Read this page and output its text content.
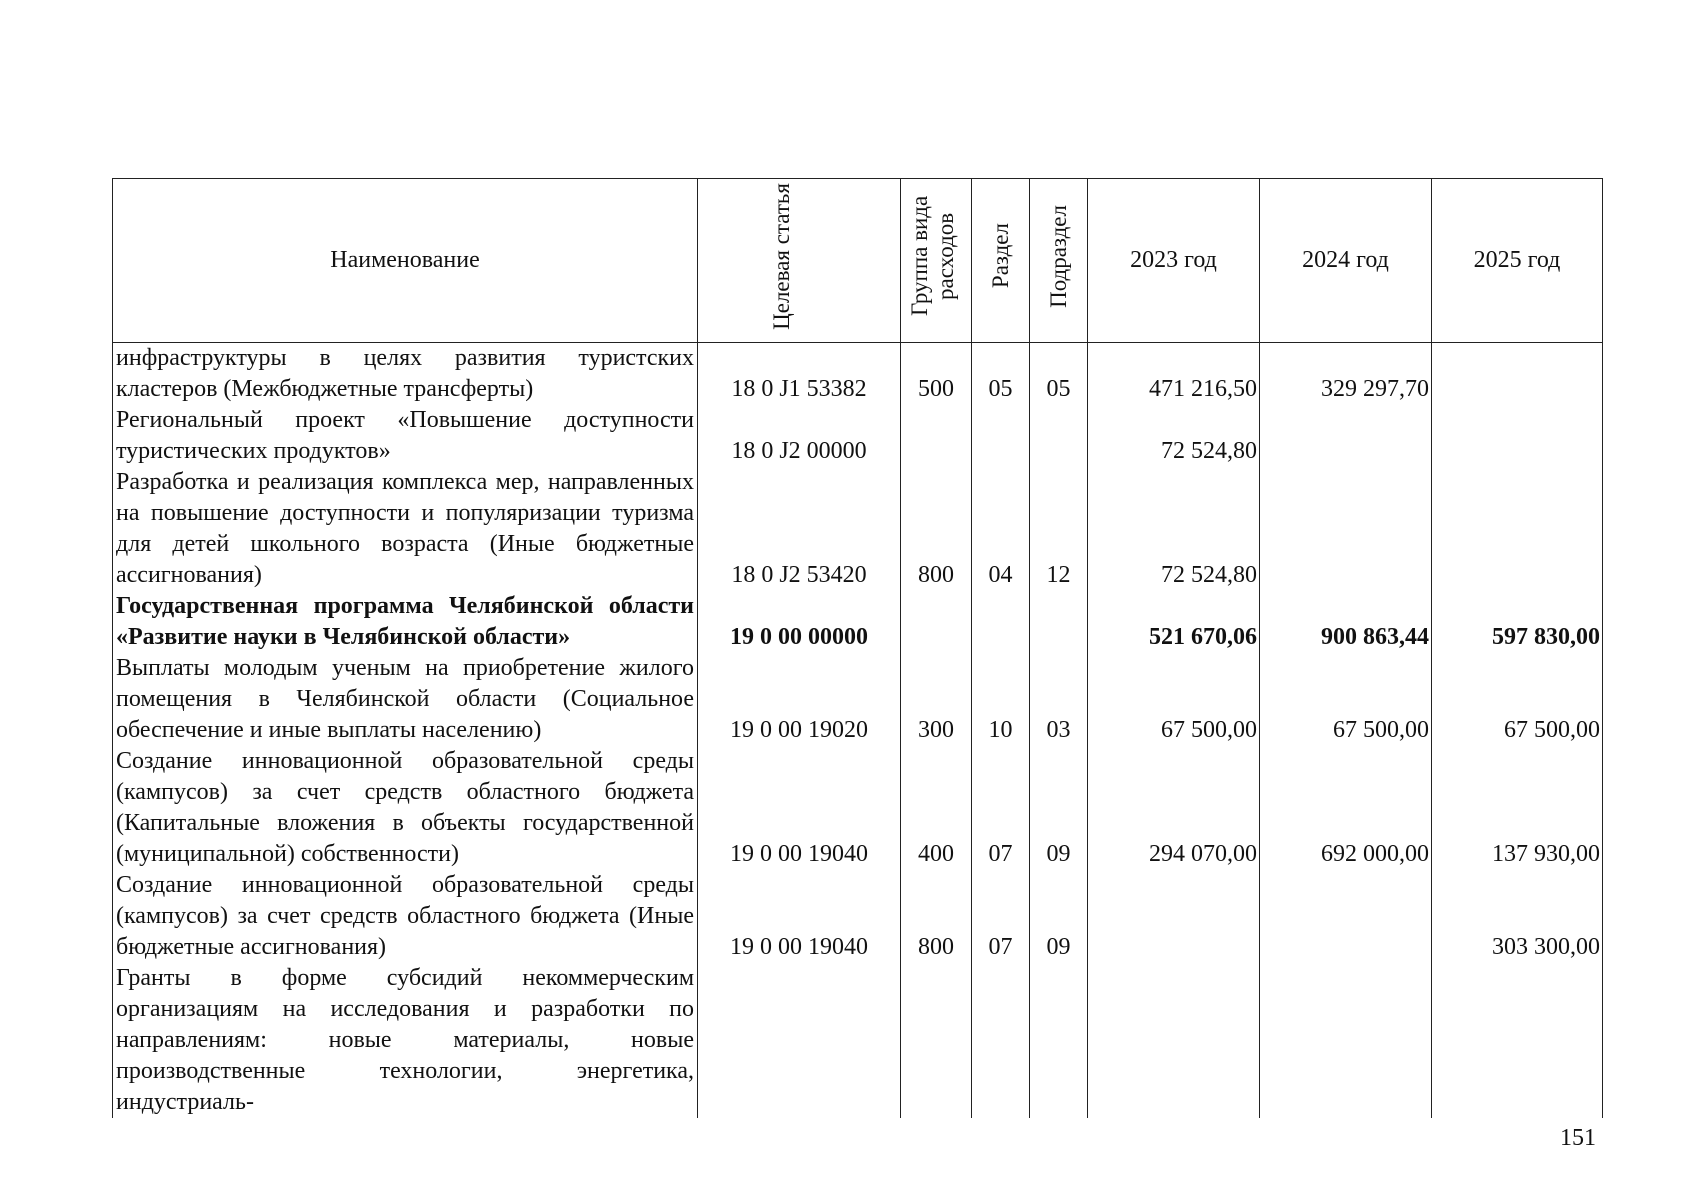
Наименование	Целевая статья	Группа вида расходов	Раздел	Подраздел	2023 год	2024 год	2025 год
инфраструктуры в целях развития туристских кластеров (Межбюджетные трансферты)	18 0 J1 53382	500	05	05	471 216,50	329 297,70	
Региональный проект «Повышение доступности туристических продуктов»	18 0 J2 00000				72 524,80		
Разработка и реализация комплекса мер, направленных на повышение доступности и популяризации туризма для детей школьного возраста (Иные бюджетные ассигнования)	18 0 J2 53420	800	04	12	72 524,80		
Государственная программа Челябинской области «Развитие науки в Челябинской области»	19 0 00 00000				521 670,06	900 863,44	597 830,00
Выплаты молодым ученым на приобретение жилого помещения в Челябинской области (Социальное обеспечение и иные выплаты населению)	19 0 00 19020	300	10	03	67 500,00	67 500,00	67 500,00
Создание инновационной образовательной среды (кампусов) за счет средств областного бюджета (Капитальные вложения в объекты государственной (муниципальной) собственности)	19 0 00 19040	400	07	09	294 070,00	692 000,00	137 930,00
Создание инновационной образовательной среды (кампусов) за счет средств областного бюджета (Иные бюджетные ассигнования)	19 0 00 19040	800	07	09			303 300,00
Гранты в форме субсидий некоммерческим организациям на исследования и разработки по направлениям: новые материалы, новые производственные технологии, энергетика, индустриаль-							
151
